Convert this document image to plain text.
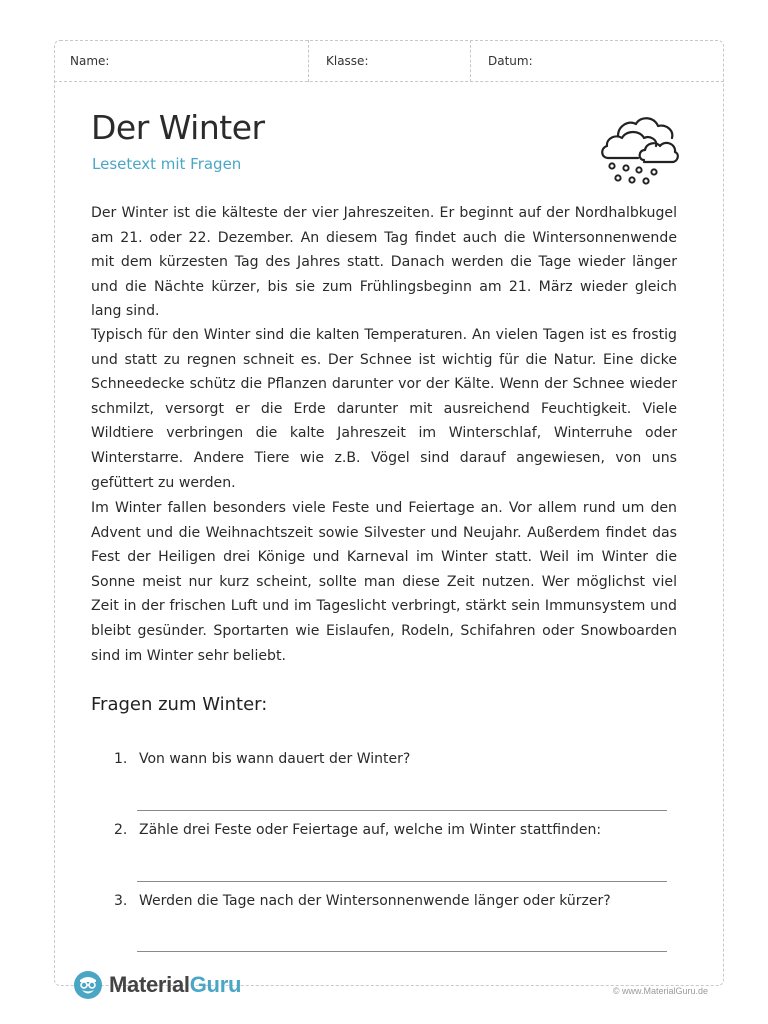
Name:	Klasse:	Datum:
Der Winter

Lesetext mit Fragen

Der Winter ist die kälteste der vier Jahreszeiten. Er beginnt auf der Nordhalbkugel am 21. oder 22. Dezember. An diesem Tag findet auch die Wintersonnenwende mit dem kürzesten Tag des Jahres statt. Danach werden die Tage wieder länger und die Nächte kürzer, bis sie zum Frühlingsbeginn am 21. März wieder gleich lang sind.

Typisch für den Winter sind die kalten Temperaturen. An vielen Tagen ist es frostig und statt zu regnen schneit es. Der Schnee ist wichtig für die Natur. Eine dicke Schneedecke schütz die Pflanzen darunter vor der Kälte. Wenn der Schnee wieder schmilzt, versorgt er die Erde darunter mit ausreichend Feuchtigkeit. Viele Wildtiere verbringen die kalte Jahreszeit im Winterschlaf, Winterruhe oder Winterstarre. Andere Tiere wie z.B. Vögel sind darauf angewiesen, von uns gefüttert zu werden.

Im Winter fallen besonders viele Feste und Feiertage an. Vor allem rund um den Advent und die Weihnachtszeit sowie Silvester und Neujahr. Außerdem findet das Fest der Heiligen drei Könige und Karneval im Winter statt. Weil im Winter die Sonne meist nur kurz scheint, sollte man diese Zeit nutzen. Wer möglichst viel Zeit in der frischen Luft und im Tageslicht verbringt, stärkt sein Immunsystem und bleibt gesünder. Sportarten wie Eislaufen, Rodeln, Schifahren oder Snowboarden sind im Winter sehr beliebt.

Fragen zum Winter:
1. Von wann bis wann dauert der Winter?
2. Zähle drei Feste oder Feiertage auf, welche im Winter stattfinden:
3. Werden die Tage nach der Wintersonnenwende länger oder kürzer?
MaterialGuru	© www.MaterialGuru.de
